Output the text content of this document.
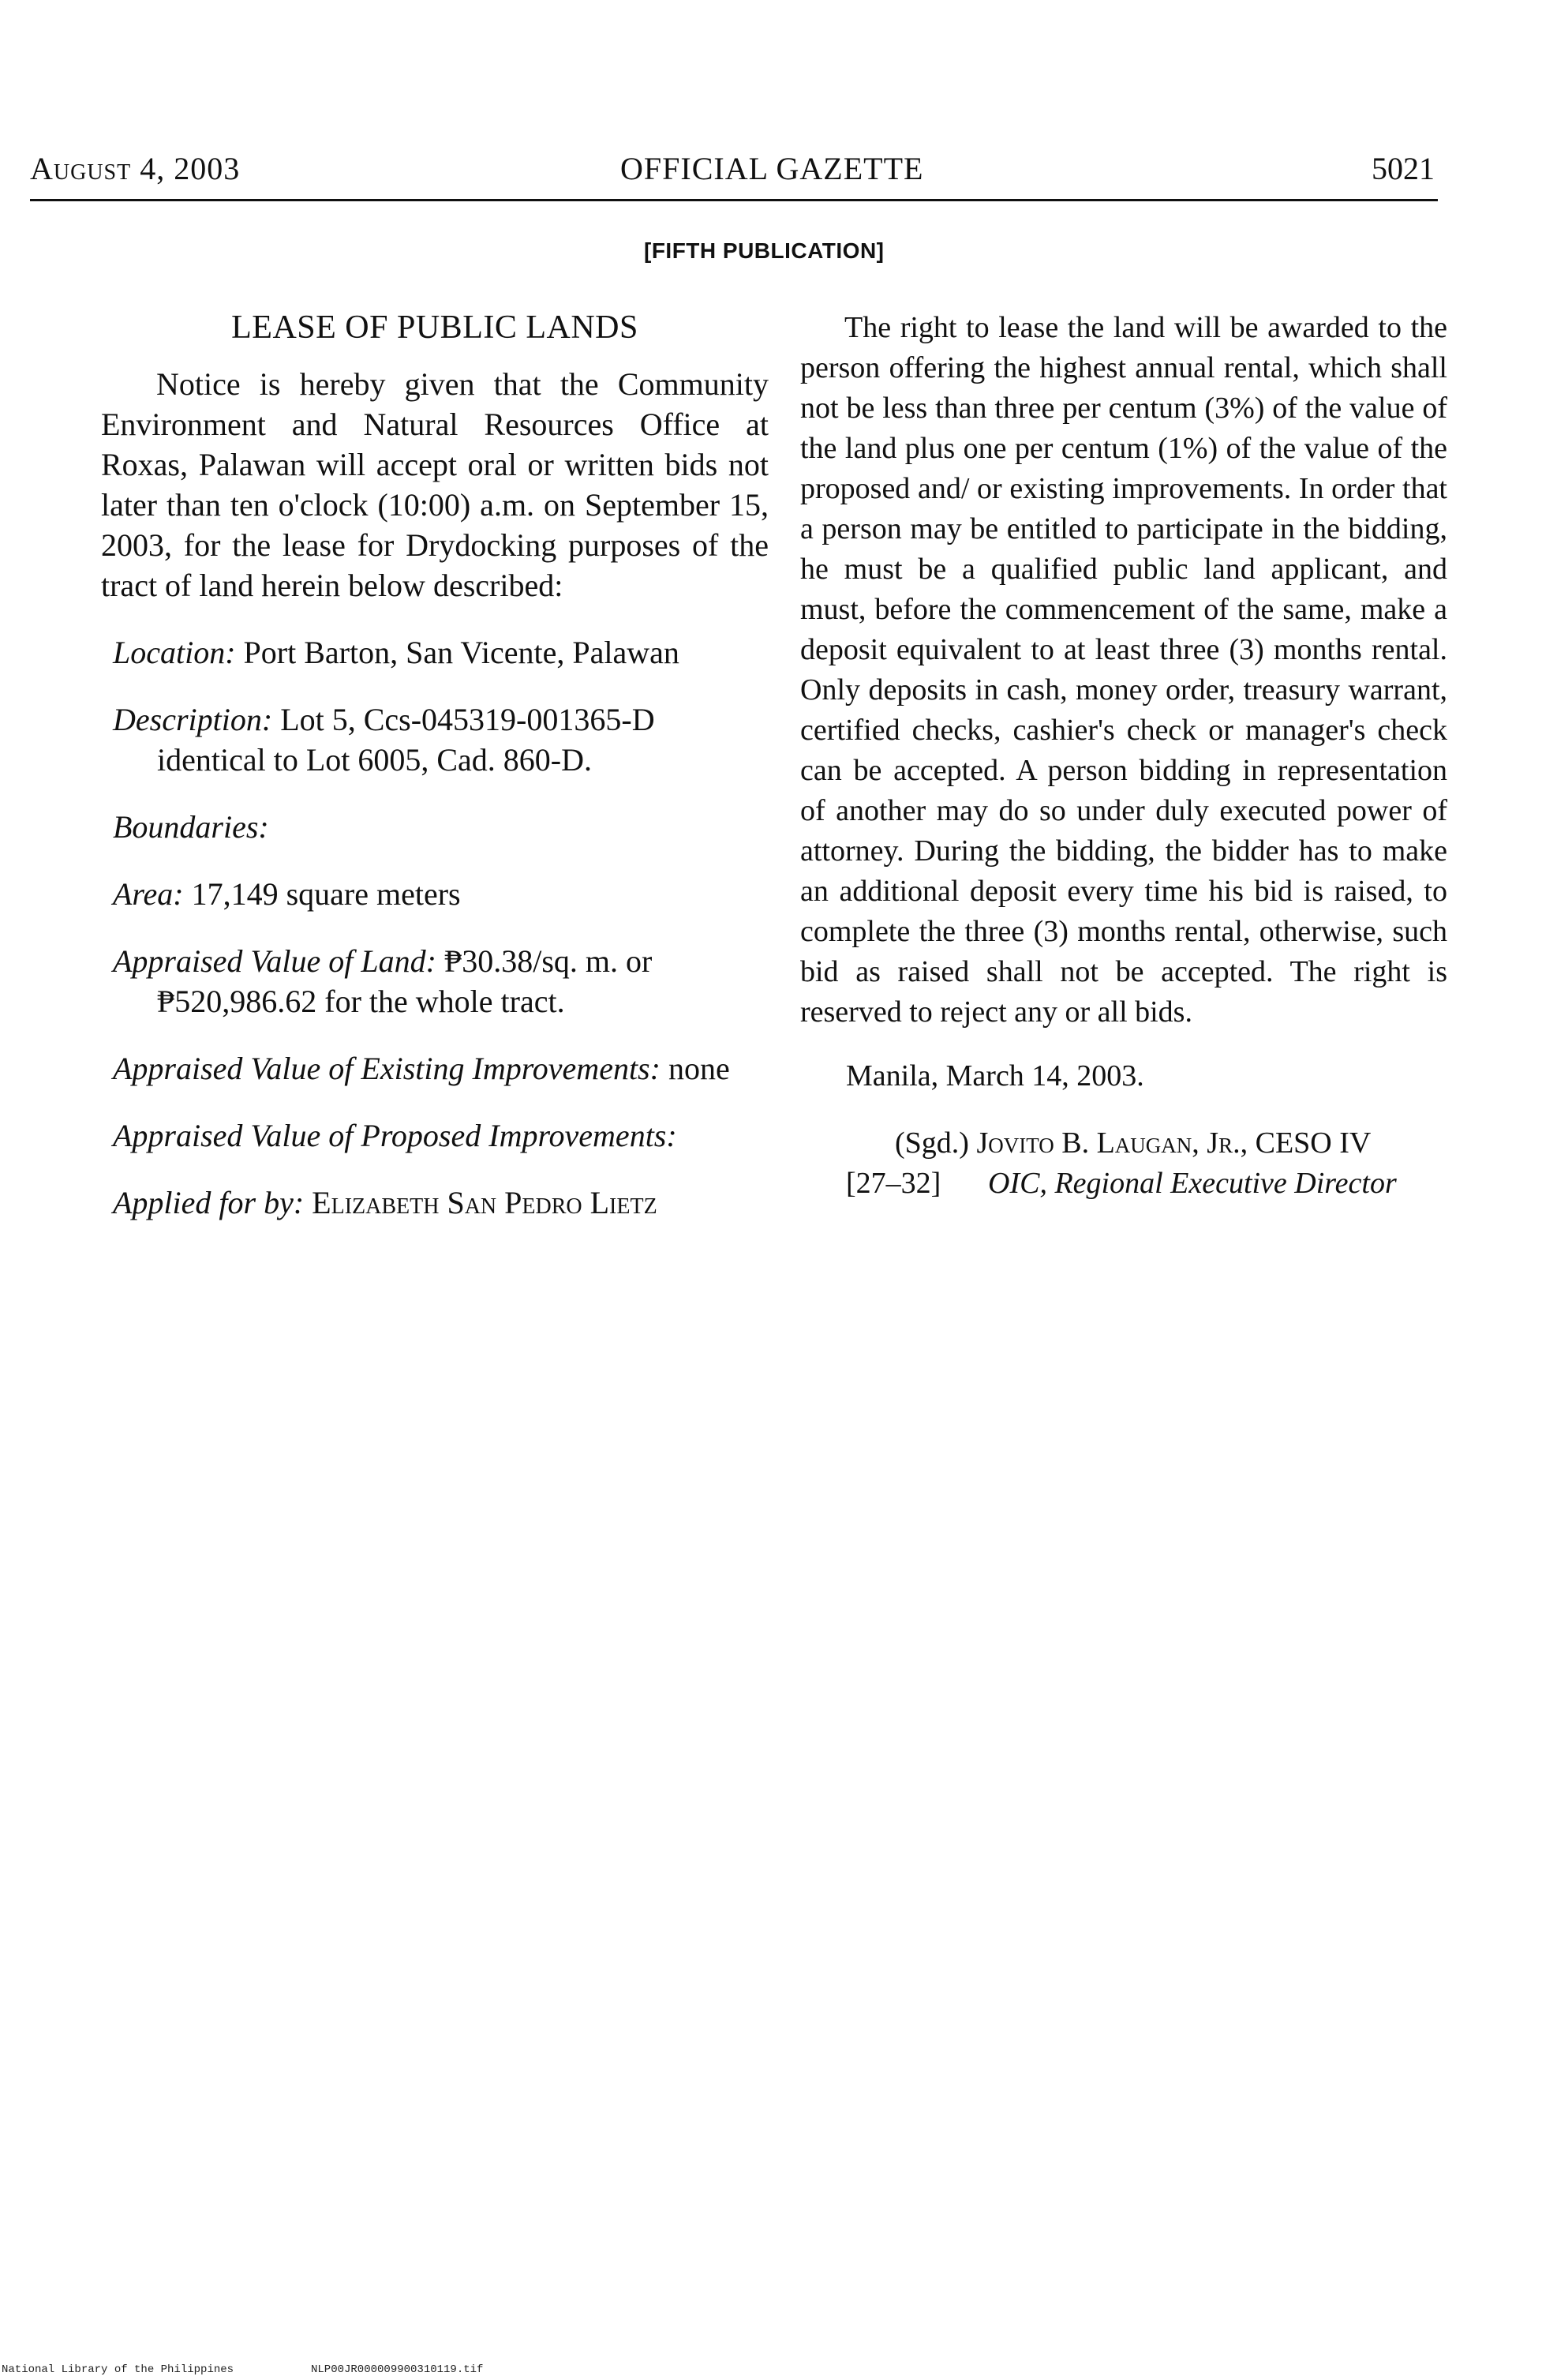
August 4, 2003	OFFICIAL GAZETTE	5021
[FIFTH PUBLICATION]
LEASE OF PUBLIC LANDS

Notice is hereby given that the Community Environment and Natural Resources Office at Roxas, Palawan will accept oral or written bids not later than ten o'clock (10:00) a.m. on September 15, 2003, for the lease for Drydocking purposes of the tract of land herein below described:

Location: Port Barton, San Vicente, Palawan
Description: Lot 5, Ccs-045319-001365-D identical to Lot 6005, Cad. 860-D.
Boundaries:
Area: 17,149 square meters
Appraised Value of Land: ₱30.38/sq. m. or ₱520,986.62 for the whole tract.
Appraised Value of Existing Improvements: none
Appraised Value of Proposed Improvements:
Applied for by: Elizabeth San Pedro Lietz

The right to lease the land will be awarded to the person offering the highest annual rental, which shall not be less than three per centum (3%) of the value of the land plus one per centum (1%) of the value of the proposed and/ or existing improvements. In order that a person may be entitled to participate in the bidding, he must be a qualified public land applicant, and must, before the commencement of the same, make a deposit equivalent to at least three (3) months rental. Only deposits in cash, money order, treasury warrant, certified checks, cashier's check or manager's check can be accepted. A person bidding in representation of another may do so under duly executed power of attorney. During the bidding, the bidder has to make an additional deposit every time his bid is raised, to complete the three (3) months rental, otherwise, such bid as raised shall not be accepted. The right is reserved to reject any or all bids.

Manila, March 14, 2003.
(Sgd.) Jovito B. Laugan, Jr., CESO IV
[27–32] OIC, Regional Executive Director
National Library of the Philippines	NLP00JR000009900310119.tif
